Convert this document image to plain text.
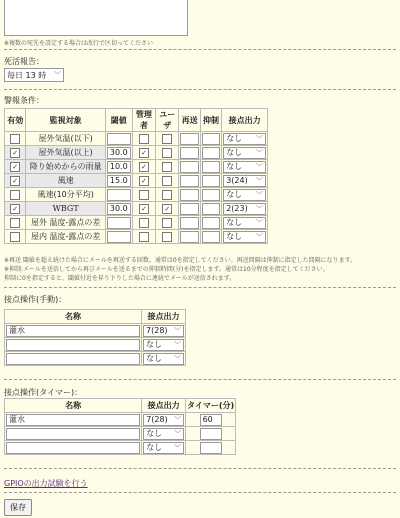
※複数の宛先を設定する場合は改行で区切ってください
死活報告：
毎日 13 時 ﹀
警報条件：
有効	監視対象	閾値	管理者	ユーザ	再送	抑制	接点出力
	屋外気温(以下)						なし ﹀

✓	屋外気温(以上)	30.0	✓				なし ﹀

✓	降り始めからの雨量	10.0	✓				なし ﹀

✓	風速	15.0	✓				3(24) ﹀

	風速(10分平均)						なし ﹀

✓	WBGT	30.0	✓	✓			2(23) ﹀

	屋外 温度-露点の差						なし ﹀

	屋内 温度-露点の差						なし ﹀
※再送 閾値を超え続けた場合にメールを再送する回数。通常は0を指定してください。再送間隔は抑制に指定した間隔になります。
※抑制:メールを送信してから再びメールを送るまでの抑制時間(分)を指定します。通常は10分程度を指定してください。
抑制に0を指定すると、閾値付近を昇り下りした場合に連続でメールが送信されます。
接点操作(手動)：
名称	接点出力

灌水	7(28) ﹀

	なし ﹀

	なし ﹀
接点操作(タイマー)：
名称	接点出力	タイマー(分)

灌水	7(28) ﹀	60

	なし ﹀	

	なし ﹀	

GPIOの出力試験を行う
保存
